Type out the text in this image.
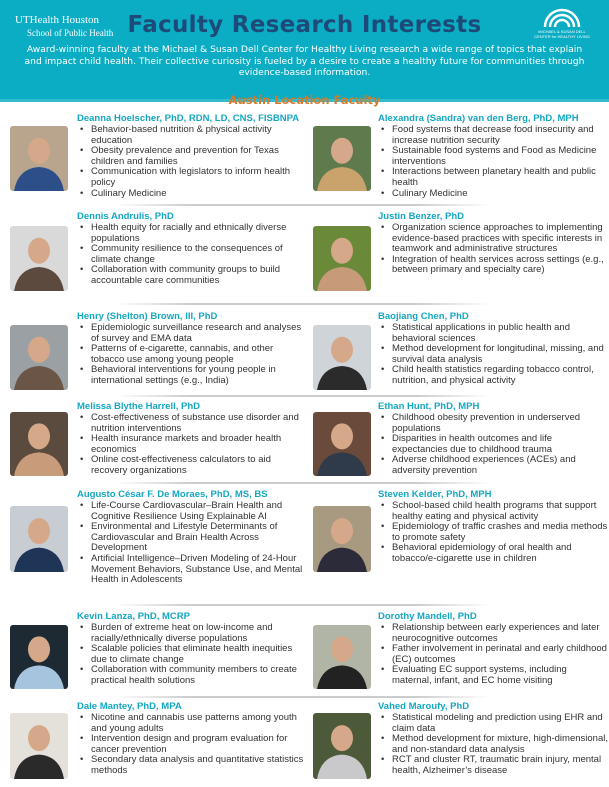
UTHealth Houston
School of Public Health Faculty Research Interests	MICHAEL & SUSAN DELL
CENTER for HEALTHY LIVING

Award-winning faculty at the Michael & Susan Dell Center for Healthy Living research a wide range of topics that explain and impact child health. Their collective curiosity is fueled by a desire to create a healthy future for communities through evidence-based information.

Austin Location Faculty
Deanna Hoelscher, PhD, RDN, LD, CNS, FISBNPA
• Behavior-based nutrition & physical activity education
• Obesity prevalence and prevention for Texas children and families
• Communication with legislators to inform health policy
• Culinary Medicine
Alexandra (Sandra) van den Berg, PhD, MPH
• Food systems that decrease food insecurity and increase nutrition security
• Sustainable food systems and Food as Medicine interventions
• Interactions between planetary health and public health
• Culinary Medicine
Dennis Andrulis, PhD
• Health equity for racially and ethnically diverse populations
• Community resilience to the consequences of climate change
• Collaboration with community groups to build accountable care communities
Justin Benzer, PhD
• Organization science approaches to implementing evidence-based practices with specific interests in teamwork and administrative structures
• Integration of health services across settings (e.g., between primary and specialty care)
Henry (Shelton) Brown, III, PhD
• Epidemiologic surveillance research and analyses of survey and EMA data
• Patterns of e-cigarette, cannabis, and other tobacco use among young people
• Behavioral interventions for young people in international settings (e.g., India)
Baojiang Chen, PhD
• Statistical applications in public health and behavioral sciences
• Method development for longitudinal, missing, and survival data analysis
• Child health statistics regarding tobacco control, nutrition, and physical activity
Melissa Blythe Harrell, PhD
• Cost-effectiveness of substance use disorder and nutrition interventions
• Health insurance markets and broader health economics
• Online cost-effectiveness calculators to aid recovery organizations
Ethan Hunt, PhD, MPH
• Childhood obesity prevention in underserved populations
• Disparities in health outcomes and life expectancies due to childhood trauma
• Adverse childhood experiences (ACEs) and adversity prevention
Augusto César F. De Moraes, PhD, MS, BS
• Life-Course Cardiovascular–Brain Health and Cognitive Resilience Using Explainable AI
• Environmental and Lifestyle Determinants of Cardiovascular and Brain Health Across Development
• Artificial Intelligence–Driven Modeling of 24-Hour Movement Behaviors, Substance Use, and Mental Health in Adolescents
Steven Kelder, PhD, MPH
• School-based child health programs that support healthy eating and physical activity
• Epidemiology of traffic crashes and media methods to promote safety
• Behavioral epidemiology of oral health and tobacco/e-cigarette use in children
Kevin Lanza, PhD, MCRP
• Burden of extreme heat on low-income and racially/ethnically diverse populations
• Scalable policies that eliminate health inequities due to climate change
• Collaboration with community members to create practical health solutions
Dorothy Mandell, PhD
• Relationship between early experiences and later neurocognitive outcomes
• Father involvement in perinatal and early childhood (EC) outcomes
• Evaluating EC support systems, including maternal, infant, and EC home visiting
Dale Mantey, PhD, MPA
• Nicotine and cannabis use patterns among youth and young adults
• Intervention design and program evaluation for cancer prevention
• Secondary data analysis and quantitative statistics methods
Vahed Maroufy, PhD
• Statistical modeling and prediction using EHR and claim data
• Method development for mixture, high-dimensional, and non-standard data analysis
• RCT and cluster RT, traumatic brain injury, mental health, Alzheimer’s disease
